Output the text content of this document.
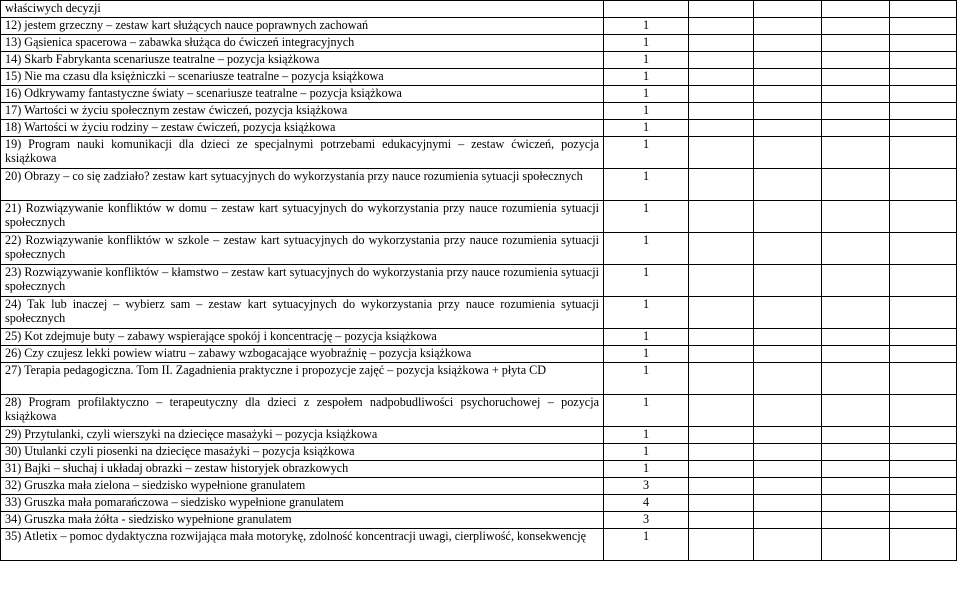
właściwych decyzji					
12) jestem grzeczny – zestaw kart służących nauce poprawnych zachowań	1				
13) Gąsienica spacerowa – zabawka służąca do ćwiczeń integracyjnych	1				
14) Skarb Fabrykanta scenariusze teatralne – pozycja książkowa	1				
15) Nie ma czasu dla księżniczki – scenariusze teatralne – pozycja książkowa	1				
16) Odkrywamy fantastyczne światy – scenariusze teatralne – pozycja książkowa	1				
17) Wartości w życiu społecznym zestaw ćwiczeń, pozycja książkowa	1				
18) Wartości w życiu rodziny – zestaw ćwiczeń, pozycja książkowa	1				
19) Program nauki komunikacji dla dzieci ze specjalnymi potrzebami edukacyjnymi – zestaw ćwiczeń, pozycja książkowa	1				
20) Obrazy – co się zadziało? zestaw kart sytuacyjnych do wykorzystania przy nauce rozumienia sytuacji społecznych	1				
21) Rozwiązywanie konfliktów w domu – zestaw kart sytuacyjnych do wykorzystania przy nauce rozumienia sytuacji społecznych	1				
22) Rozwiązywanie konfliktów w szkole – zestaw kart sytuacyjnych do wykorzystania przy nauce rozumienia sytuacji społecznych	1				
23) Rozwiązywanie konfliktów – kłamstwo – zestaw kart sytuacyjnych do wykorzystania przy nauce rozumienia sytuacji społecznych	1				
24) Tak lub inaczej – wybierz sam – zestaw kart sytuacyjnych do wykorzystania przy nauce rozumienia sytuacji społecznych	1				
25) Kot zdejmuje buty – zabawy wspierające spokój i koncentrację – pozycja książkowa	1				
26) Czy czujesz lekki powiew wiatru – zabawy wzbogacające wyobraźnię – pozycja książkowa	1				
27) Terapia pedagogiczna. Tom II. Zagadnienia praktyczne i propozycje zajęć – pozycja książkowa + płyta CD	1				
28) Program profilaktyczno – terapeutyczny dla dzieci z zespołem nadpobudliwości psychoruchowej – pozycja książkowa	1				
29) Przytulanki, czyli wierszyki na dziecięce masażyki – pozycja książkowa	1				
30) Utulanki czyli piosenki na dziecięce masażyki – pozycja książkowa	1				
31) Bajki – słuchaj i układaj obrazki – zestaw historyjek obrazkowych	1				
32) Gruszka mała zielona – siedzisko wypełnione granulatem	3				
33) Gruszka mała pomarańczowa – siedzisko wypełnione granulatem	4				
34) Gruszka mała żółta - siedzisko wypełnione granulatem	3				
35) Atletix – pomoc dydaktyczna rozwijająca mała motorykę, zdolność koncentracji uwagi, cierpliwość, konsekwencję	1				
